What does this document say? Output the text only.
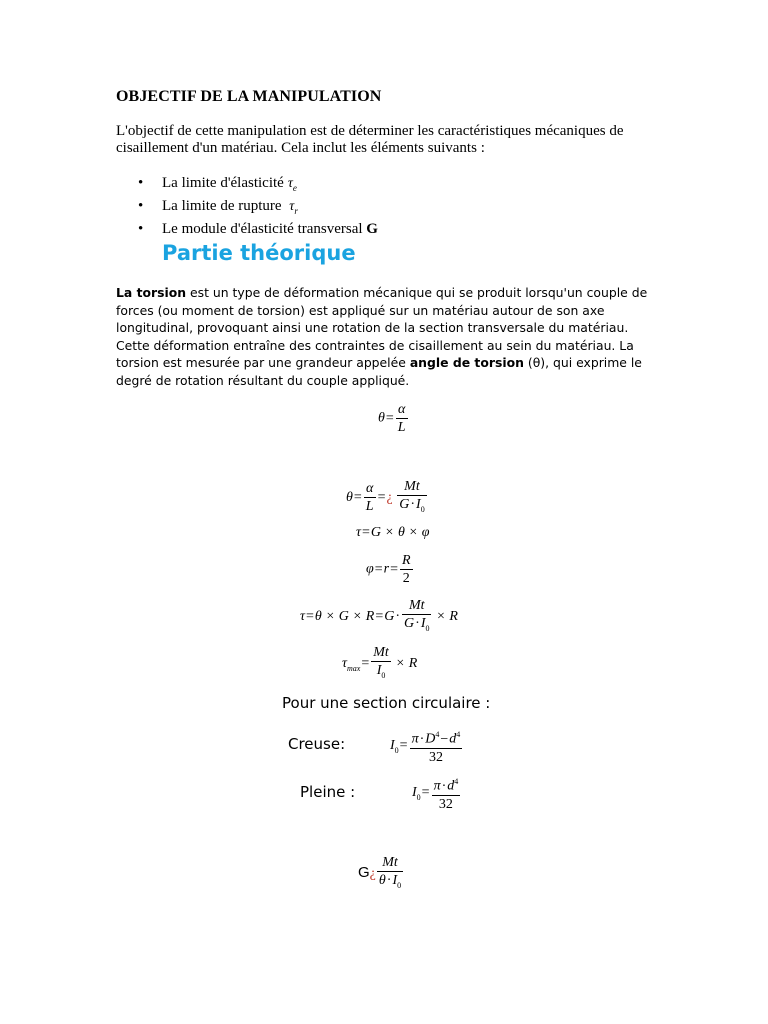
OBJECTIF DE LA MANIPULATION
L'objectif de cette manipulation est de déterminer les caractéristiques mécaniques de cisaillement d'un matériau. Cela inclut les éléments suivants :
• La limite d'élasticité $\tau_e$
• La limite de rupture $\tau_r$
• Le module d'élasticité transversal G
Partie théorique
La torsion est un type de déformation mécanique qui se produit lorsqu'un couple de forces (ou moment de torsion) est appliqué sur un matériau autour de son axe longitudinal, provoquant ainsi une rotation de la section transversale du matériau. Cette déformation entraîne des contraintes de cisaillement au sein du matériau. La torsion est mesurée par une grandeur appelée angle de torsion (θ), qui exprime le degré de rotation résultant du couple appliqué.
$\theta= \frac{\alpha}{L}$
$\theta= \frac{\alpha}{L}$ =¿ $\frac{Mt}{G\cdot I_0}$
τ=G × θ × φ
$\varphi=r= \frac{R}{2}$
$\tau=\theta \times G \times R=G\cdot \frac{Mt}{G\cdot I_0} \times R$
$\tau_{max}= \frac{Mt}{I_0} \times R$
Pour une section circulaire :
Creuse:	$I_0= \frac{\pi\cdot D^4-d^4}{32}$
Pleine :	$I_0= \frac{\pi\cdot d^4}{32}$
G¿ $\frac{Mt}{\theta\cdot I_0}$
